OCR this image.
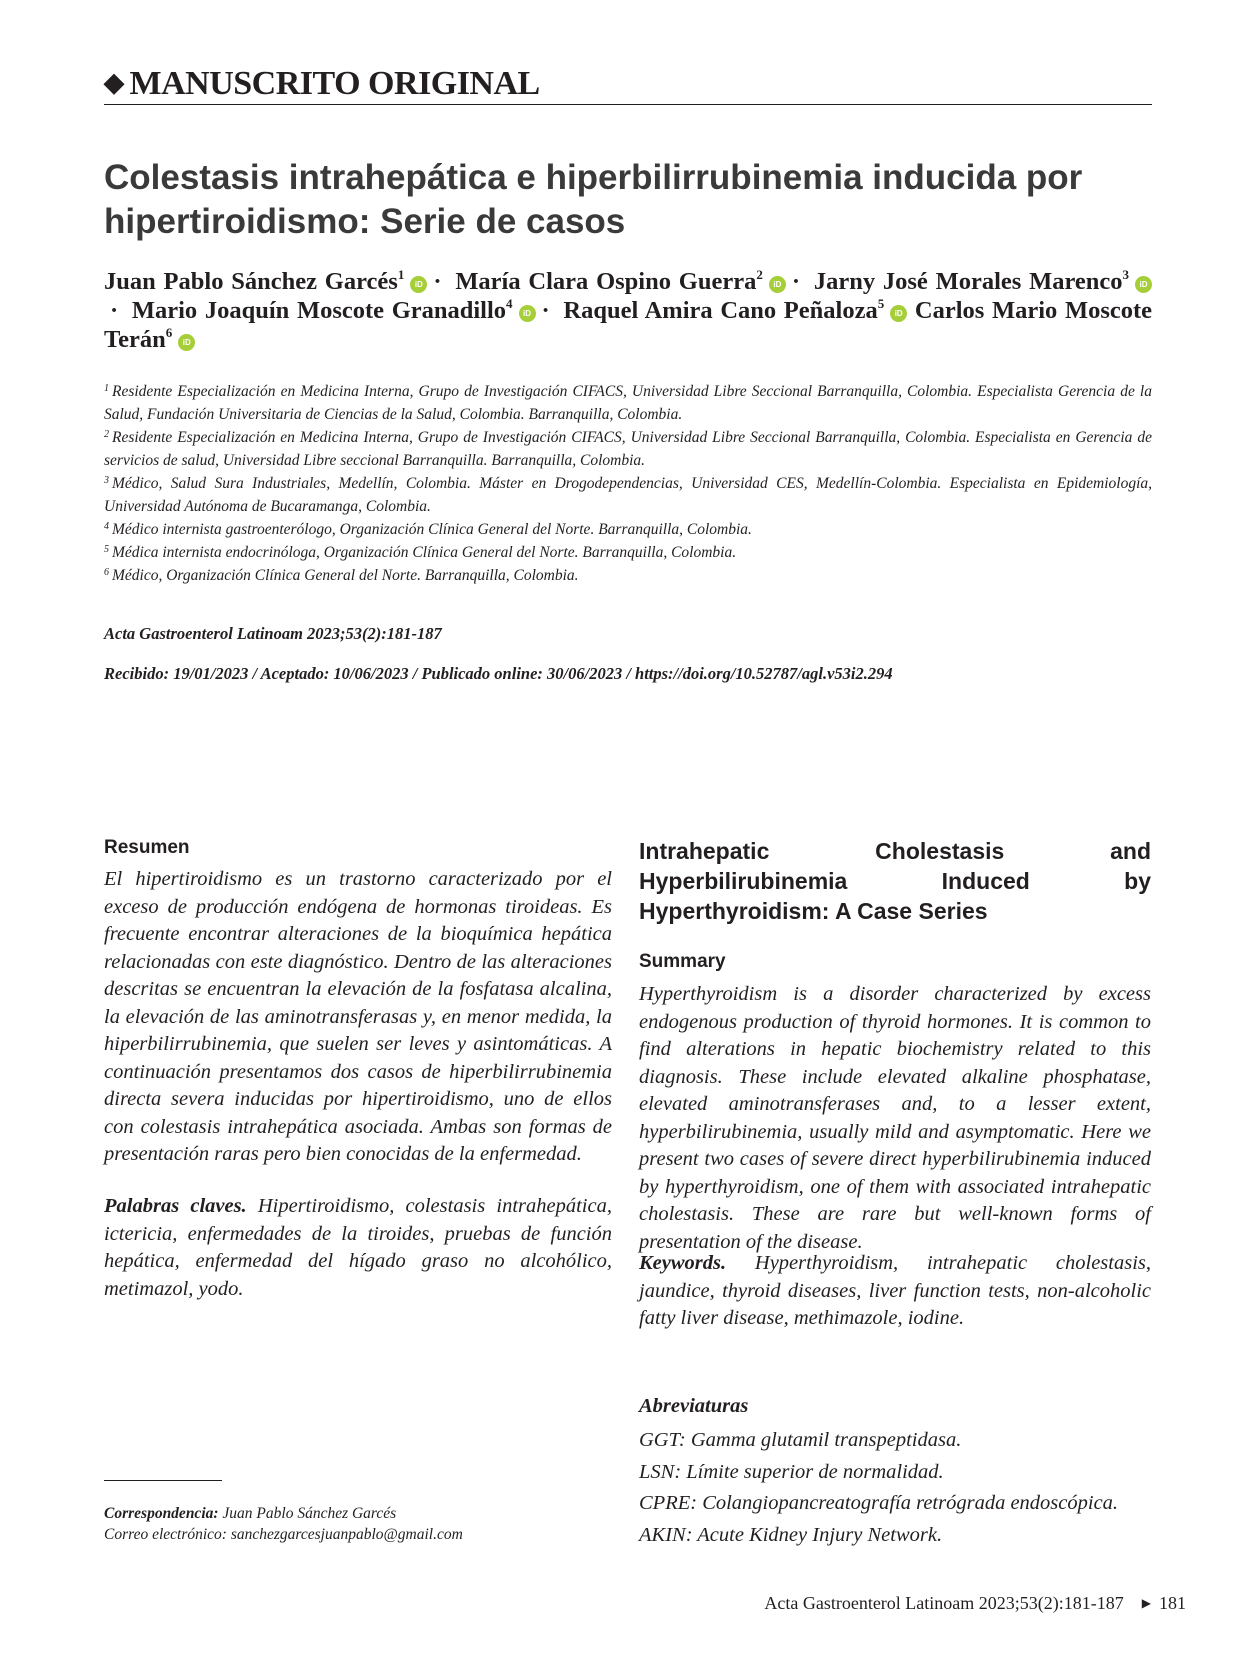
◆ MANUSCRITO ORIGINAL
Colestasis intrahepática e hiperbilirrubinemia inducida por hipertiroidismo: Serie de casos
Juan Pablo Sánchez Garcés$^1$iD · María Clara Ospino Guerra$^2$iD · Jarny José Morales Marenco$^3$iD· Mario Joaquín Moscote Granadillo$^4$iD · Raquel Amira Cano Peñaloza$^5$iD Carlos Mario Moscote Terán$^6$iD

$^1$ Residente Especialización en Medicina Interna, Grupo de Investigación CIFACS, Universidad Libre Seccional Barranquilla, Colombia. Especialista Gerencia de la Salud, Fundación Universitaria de Ciencias de la Salud, Colombia. Barranquilla, Colombia.

$^2$ Residente Especialización en Medicina Interna, Grupo de Investigación CIFACS, Universidad Libre Seccional Barranquilla, Colombia. Especialista en Gerencia de servicios de salud, Universidad Libre seccional Barranquilla. Barranquilla, Colombia.

$^3$ Médico, Salud Sura Industriales, Medellín, Colombia. Máster en Drogodependencias, Universidad CES, Medellín-Colombia. Especialista en Epidemiología, Universidad Autónoma de Bucaramanga, Colombia.

$^4$ Médico internista gastroenterólogo, Organización Clínica General del Norte. Barranquilla, Colombia.

$^5$ Médica internista endocrinóloga, Organización Clínica General del Norte. Barranquilla, Colombia.

$^6$ Médico, Organización Clínica General del Norte. Barranquilla, Colombia.

Acta Gastroenterol Latinoam 2023;53(2):181-187
Recibido: 19/01/2023 / Aceptado: 10/06/2023 / Publicado online: 30/06/2023 / https://doi.org/10.52787/agl.v53i2.294
Resumen
El hipertiroidismo es un trastorno caracterizado por el exceso de producción endógena de hormonas tiroideas. Es frecuente encontrar alteraciones de la bioquímica hepática relacionadas con este diagnóstico. Dentro de las alteraciones descritas se encuentran la elevación de la fosfatasa alcalina, la elevación de las aminotransferasas y, en menor medida, la hiperbilirrubinemia, que suelen ser leves y asintomáticas. A continuación presentamos dos casos de hiperbilirrubinemia directa severa inducidas por hipertiroidismo, uno de ellos con colestasis intrahepática asociada. Ambas son formas de presentación raras pero bien conocidas de la enfermedad.
Palabras claves. Hipertiroidismo, colestasis intrahepática, ictericia, enfermedades de la tiroides, pruebas de función hepática, enfermedad del hígado graso no alcohólico, metimazol, yodo.
Correspondencia: Juan Pablo Sánchez Garcés
Correo electrónico: sanchezgarcesjuanpablo@gmail.com
Intrahepatic Cholestasis and Hyperbilirubinemia Induced by Hyperthyroidism: A Case Series
Summary
Hyperthyroidism is a disorder characterized by excess endogenous production of thyroid hormones. It is common to find alterations in hepatic biochemistry related to this diagnosis. These include elevated alkaline phosphatase, elevated aminotransferases and, to a lesser extent, hyperbilirubinemia, usually mild and asymptomatic. Here we present two cases of severe direct hyperbilirubinemia induced by hyperthyroidism, one of them with associated intrahepatic cholestasis. These are rare but well-known forms of presentation of the disease.
Keywords. Hyperthyroidism, intrahepatic cholestasis, jaundice, thyroid diseases, liver function tests, non-alcoholic fatty liver disease, methimazole, iodine.
Abreviaturas
GGT: Gamma glutamil transpeptidasa.
LSN: Límite superior de normalidad.
CPRE: Colangiopancreatografía retrógrada endoscópica.
AKIN: Acute Kidney Injury Network.
Acta Gastroenterol Latinoam 2023;53(2):181-187 ▶ 181
